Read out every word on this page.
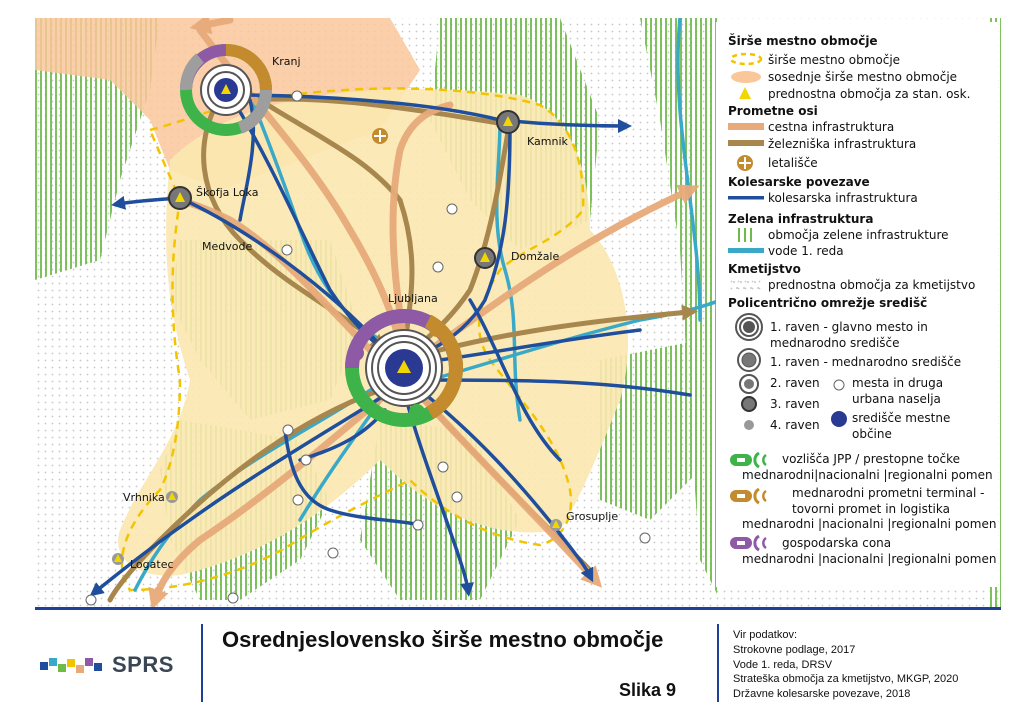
Kranj
Kamnik
Škofja Loka
Medvode
Domžale
Ljubljana
Vrhnika
Logatec
Grosuplje
Širše mestno območje
širše mestno območje
sosednje širše mestno območje
prednostna območja za stan. osk.
Prometne osi
cestna infrastruktura
železniška infrastruktura
letališče
Kolesarske povezave
kolesarska infrastruktura
Zelena infrastruktura
območja zelene infrastrukture
vode 1. reda
Kmetijstvo
prednostna območja za kmetijstvo
Policentrično omrežje središč
1. raven - glavno mesto in
mednarodno središče
1. raven - mednarodno središče
2. raven
3. raven
4. raven
mesta in druga
urbana naselja
središče mestne
občine
vozlišča JPP / prestopne točke
mednarodni|nacionalni |regionalni pomen
mednarodni prometni terminal -
tovorni promet in logistika
mednarodni |nacionalni |regionalni pomen
gospodarska cona
mednarodni |nacionalni |regionalni pomen
SPRS
Osrednjeslovensko širše mestno območje
Slika 9
Vir podatkov:
Strokovne podlage, 2017
Vode 1. reda, DRSV
Strateška območja za kmetijstvo, MKGP, 2020
Državne kolesarske povezave, 2018
